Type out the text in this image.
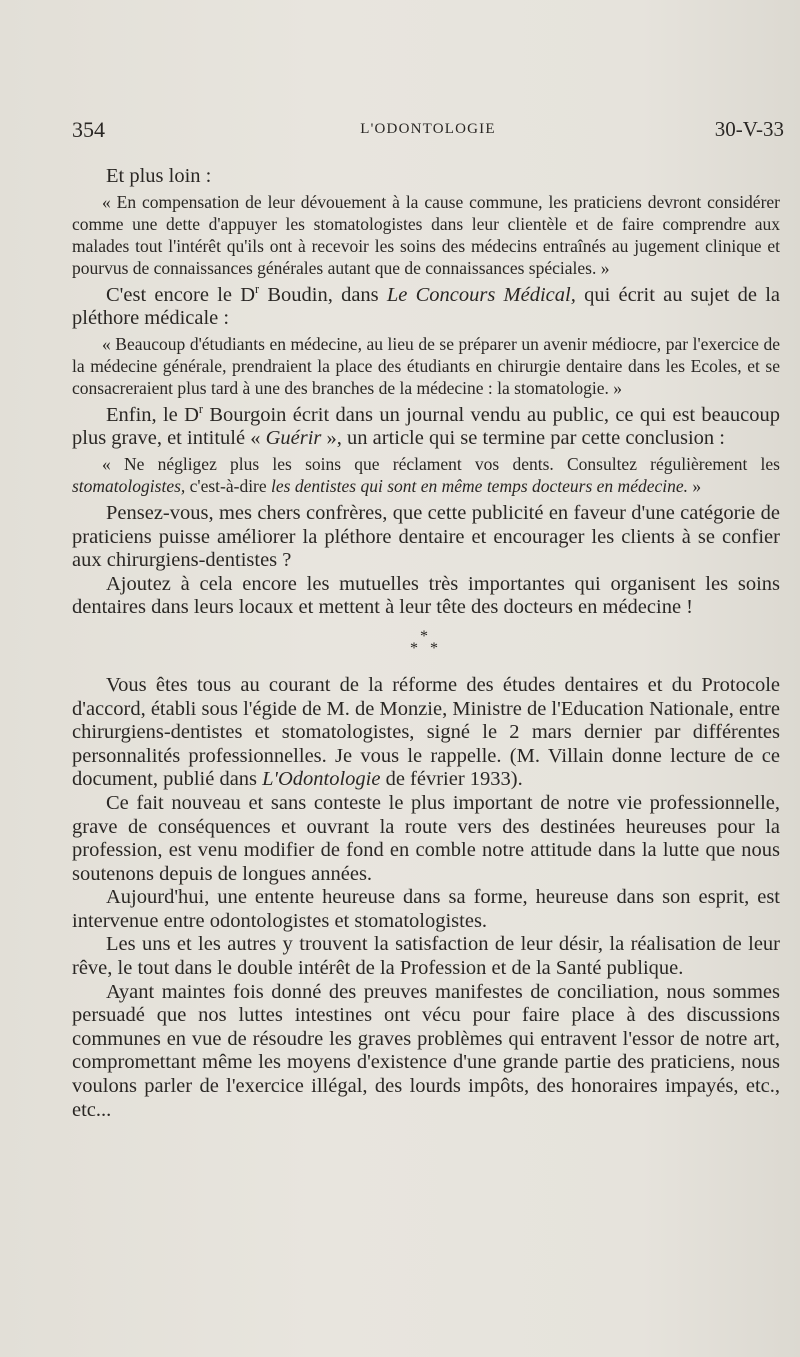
354	L'ODONTOLOGIE	30-V-33

Et plus loin :

« En compensation de leur dévouement à la cause commune, les praticiens devront considérer comme une dette d'appuyer les stomatologistes dans leur clientèle et de faire comprendre aux malades tout l'intérêt qu'ils ont à recevoir les soins des médecins entraînés au jugement clinique et pourvus de connaissances générales autant que de connaissances spéciales. »

C'est encore le $D^r$ Boudin, dans Le Concours Médical, qui écrit au sujet de la pléthore médicale :

« Beaucoup d'étudiants en médecine, au lieu de se préparer un avenir médiocre, par l'exercice de la médecine générale, prendraient la place des étudiants en chirurgie dentaire dans les Ecoles, et se consacreraient plus tard à une des branches de la médecine : la stomatologie. »

Enfin, le $D^r$ Bourgoin écrit dans un journal vendu au public, ce qui est beaucoup plus grave, et intitulé « Guérir », un article qui se termine par cette conclusion :

« Ne négligez plus les soins que réclament vos dents. Consultez régulièrement les stomatologistes, c'est-à-dire les dentistes qui sont en même temps docteurs en médecine. »

Pensez-vous, mes chers confrères, que cette publicité en faveur d'une catégorie de praticiens puisse améliorer la pléthore dentaire et encourager les clients à se confier aux chirurgiens-dentistes ?

Ajoutez à cela encore les mutuelles très importantes qui organisent les soins dentaires dans leurs locaux et mettent à leur tête des docteurs en médecine !

*
* *

Vous êtes tous au courant de la réforme des études dentaires et du Protocole d'accord, établi sous l'égide de M. de Monzie, Ministre de l'Education Nationale, entre chirurgiens-dentistes et stomatologistes, signé le 2 mars dernier par différentes personnalités professionnelles. Je vous le rappelle. (M. Villain donne lecture de ce document, publié dans L'Odontologie de février 1933).

Ce fait nouveau et sans conteste le plus important de notre vie professionnelle, grave de conséquences et ouvrant la route vers des destinées heureuses pour la profession, est venu modifier de fond en comble notre attitude dans la lutte que nous soutenons depuis de longues années.

Aujourd'hui, une entente heureuse dans sa forme, heureuse dans son esprit, est intervenue entre odontologistes et stomatologistes.

Les uns et les autres y trouvent la satisfaction de leur désir, la réalisation de leur rêve, le tout dans le double intérêt de la Profession et de la Santé publique.

Ayant maintes fois donné des preuves manifestes de conciliation, nous sommes persuadé que nos luttes intestines ont vécu pour faire place à des discussions communes en vue de résoudre les graves problèmes qui entravent l'essor de notre art, compromettant même les moyens d'existence d'une grande partie des praticiens, nous voulons parler de l'exercice illégal, des lourds impôts, des honoraires impayés, etc., etc...
